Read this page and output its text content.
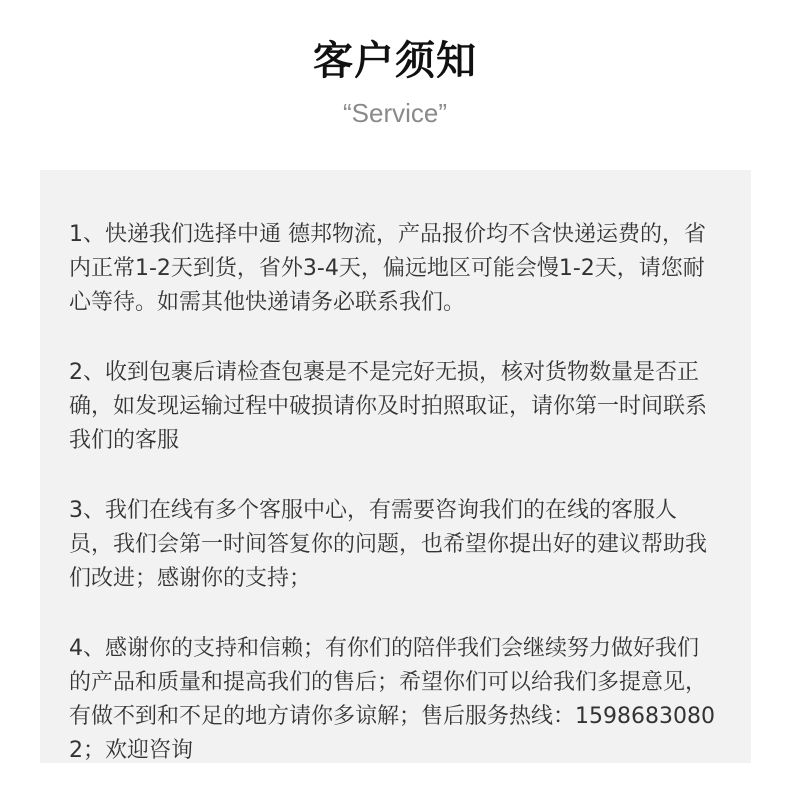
客户须知
“Service”

1、快递我们选择中通 德邦物流，产品报价均不含快递运费的，省内正常1-2天到货，省外3-4天，偏远地区可能会慢1-2天，请您耐心等待。如需其他快递请务必联系我们。

2、收到包裹后请检查包裹是不是完好无损，核对货物数量是否正确，如发现运输过程中破损请你及时拍照取证，请你第一时间联系我们的客服

3、我们在线有多个客服中心，有需要咨询我们的在线的客服人员，我们会第一时间答复你的问题，也希望你提出好的建议帮助我们改进；感谢你的支持；

4、感谢你的支持和信赖；有你们的陪伴我们会继续努力做好我们的产品和质量和提高我们的售后；希望你们可以给我们多提意见，有做不到和不足的地方请你多谅解；售后服务热线：15986830802；欢迎咨询
